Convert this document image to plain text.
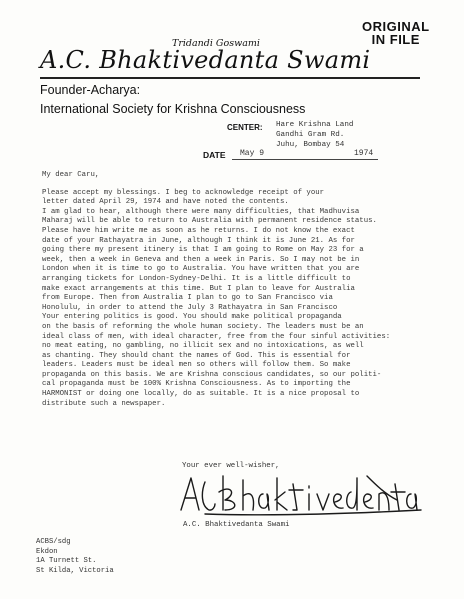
ORIGINAL
IN FILE
Tridandi Goswami
A.C. Bhaktivedanta Swami
Founder-Acharya:
International Society for Krishna Consciousness
CENTER: Hare Krishna Land
Gandhi Gram Rd.
Juhu, Bombay 54
DATE May 9	1974
My dear Caru,
Please accept my blessings. I beg to acknowledge receipt of your
letter dated April 29, 1974 and have noted the contents.
I am glad to hear, although there were many difficulties, that Madhuvisa
Maharaj will be able to return to Australia with permanent residence status.
Please have him write me as soon as he returns. I do not know the exact
date of your Rathayatra in June, although I think it is June 21. As for
going there my present itinery is that I am going to Rome on May 23 for a
week, then a week in Geneva and then a week in Paris. So I may not be in
London when it is time to go to Australia. You have written that you are
arranging tickets for London-Sydney-Delhi. It is a little difficult to
make exact arrangements at this time. But I plan to leave for Australia
from Europe. Then from Australia I plan to go to San Francisco via
Honolulu, in order to attend the July 3 Rathayatra in San Francisco
Your entering politics is good. You should make political propaganda
on the basis of reforming the whole human society. The leaders must be an
ideal class of men, with ideal character, free from the four sinful activities:
no meat eating, no gambling, no illicit sex and no intoxications, as well
as chanting. They should chant the names of God. This is essential for
leaders. Leaders must be ideal men so others will follow them. So make
propaganda on this basis. We are Krishna conscious candidates, so our politi-
cal propaganda must be 100% Krishna Consciousness. As to importing the
HARMONIST or doing one locally, do as suitable. It is a nice proposal to
distribute such a newspaper.
Your ever well-wisher,
A.C. Bhaktivedanta Swami
ACBS/sdg
Ekdon
1A Turnett St.
St Kilda, Victoria
